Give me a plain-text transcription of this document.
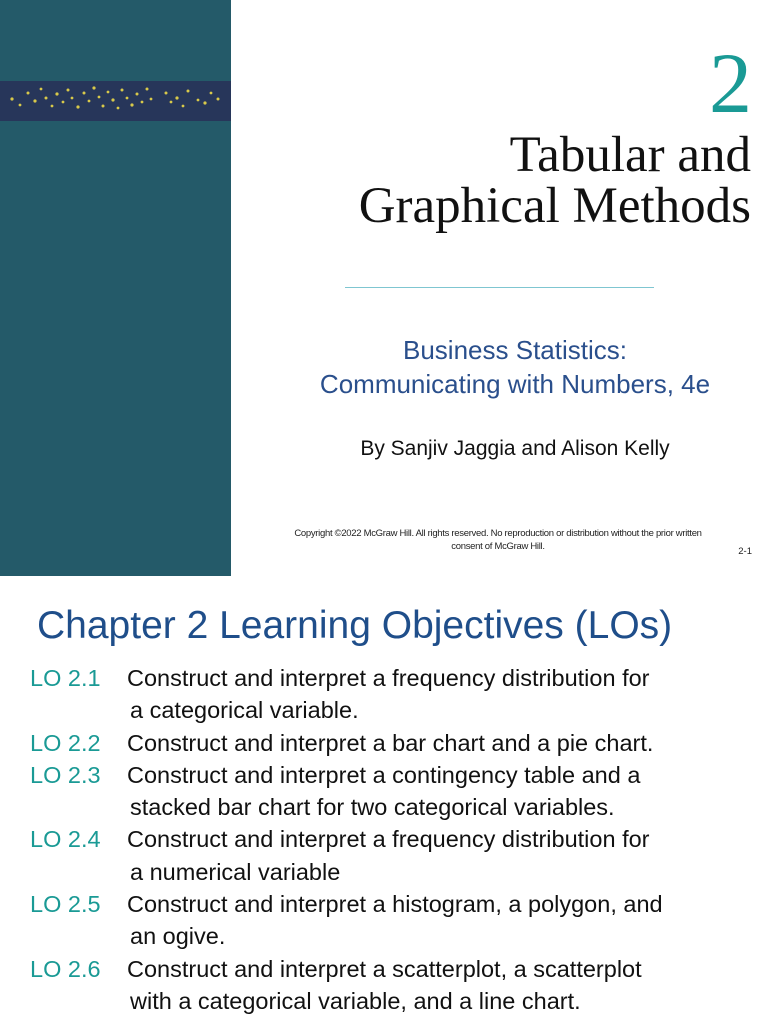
2
Tabular and
Graphical Methods
Business Statistics:
Communicating with Numbers, 4e
By Sanjiv Jaggia and Alison Kelly
Copyright ©2022 McGraw Hill. All rights reserved. No reproduction or distribution without the prior written
consent of McGraw Hill.	2-1
Chapter 2 Learning Objectives (LOs)
LO 2.1 Construct and interpret a frequency distribution for
a categorical variable.
LO 2.2 Construct and interpret a bar chart and a pie chart.
LO 2.3 Construct and interpret a contingency table and a
stacked bar chart for two categorical variables.
LO 2.4 Construct and interpret a frequency distribution for
a numerical variable
LO 2.5 Construct and interpret a histogram, a polygon, and
an ogive.
LO 2.6 Construct and interpret a scatterplot, a scatterplot
with a categorical variable, and a line chart.
